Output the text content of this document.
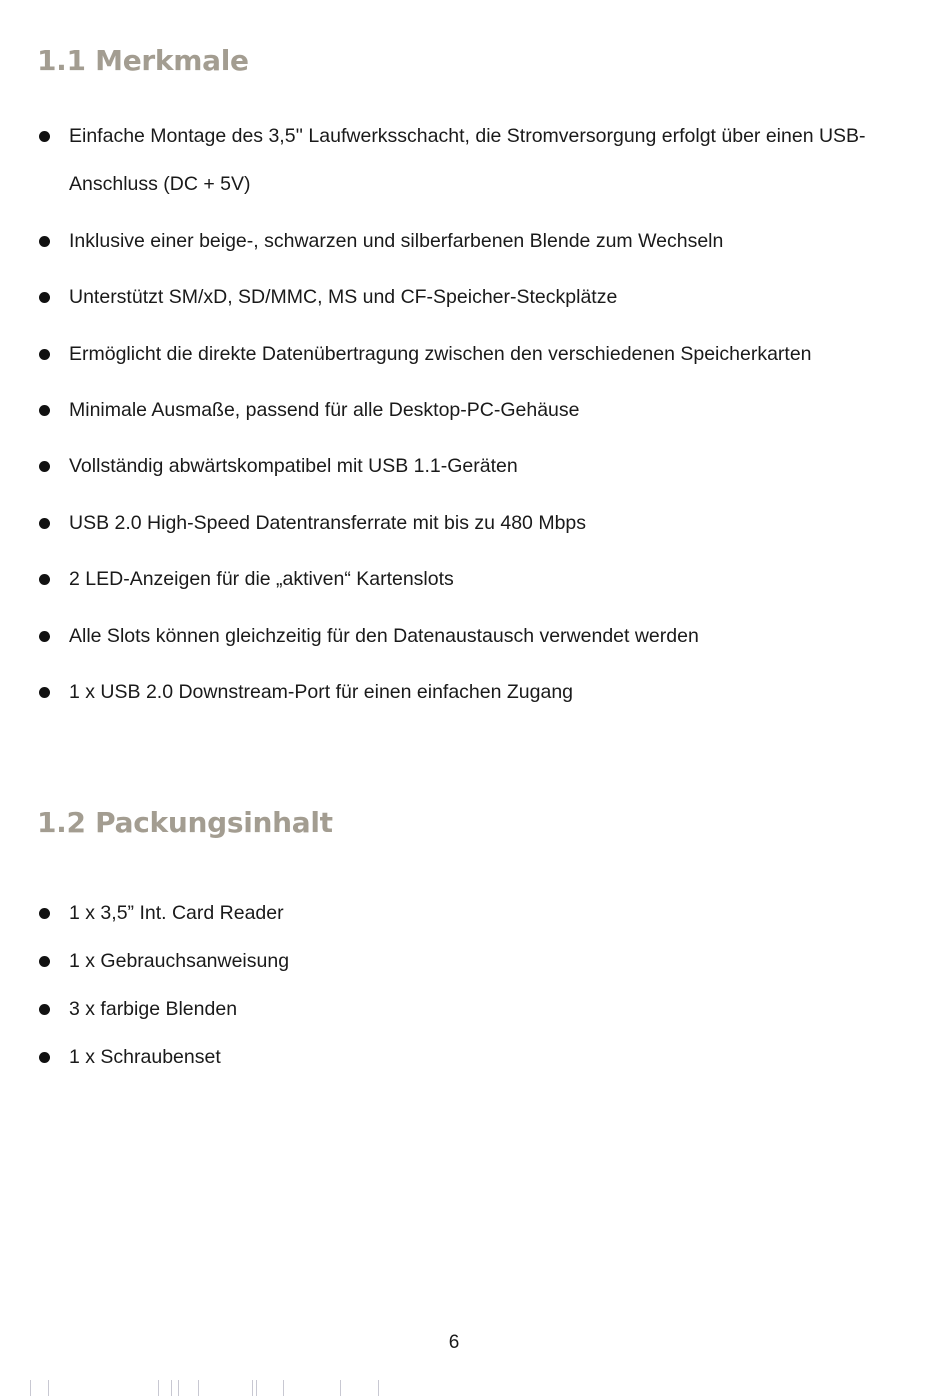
1.1 Merkmale
Einfache Montage des 3,5'' Laufwerksschacht, die Stromversorgung erfolgt über einen USB-Anschluss (DC + 5V)
Inklusive einer beige-, schwarzen und silberfarbenen Blende zum Wechseln
Unterstützt SM/xD, SD/MMC, MS und CF-Speicher-Steckplätze
Ermöglicht die direkte Datenübertragung zwischen den verschiedenen Speicherkarten
Minimale Ausmaße, passend für alle Desktop-PC-Gehäuse
Vollständig abwärtskompatibel mit USB 1.1-Geräten
USB 2.0 High-Speed Datentransferrate mit bis zu 480 Mbps
2 LED-Anzeigen für die „aktiven“ Kartenslots
Alle Slots können gleichzeitig für den Datenaustausch verwendet werden
1 x USB 2.0 Downstream-Port für einen einfachen Zugang
1.2 Packungsinhalt
1 x 3,5” Int. Card Reader
1 x Gebrauchsanweisung
3 x farbige Blenden
1 x Schraubenset
6
